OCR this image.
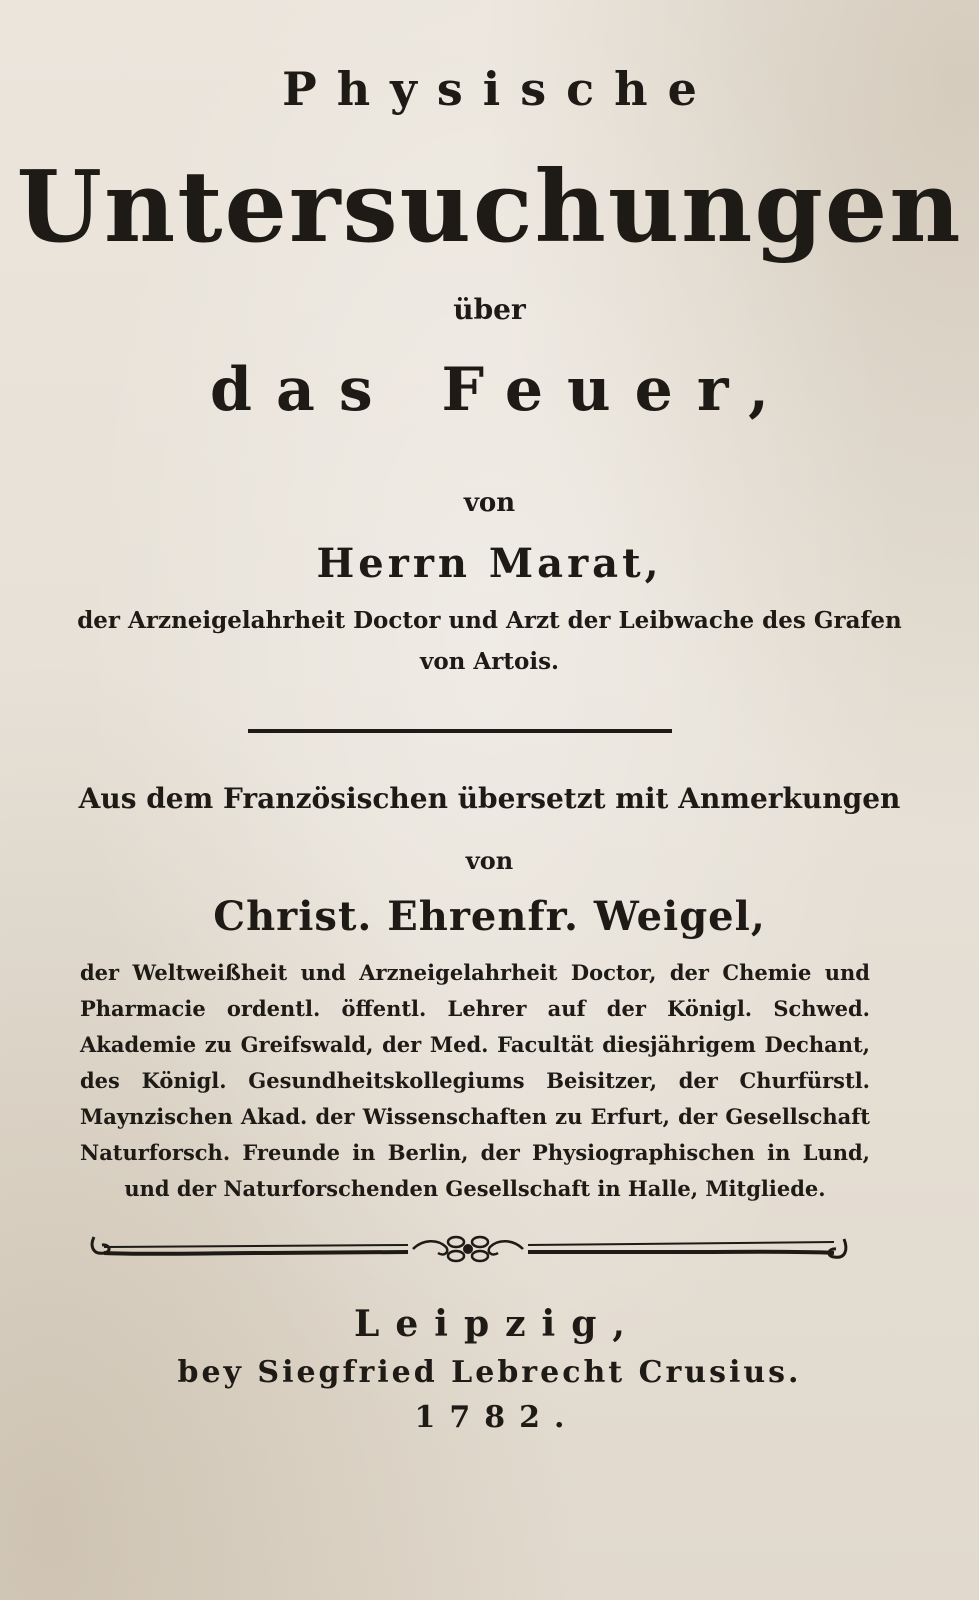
Physische
Untersuchungen
über
das Feuer,
von
Herrn Marat,
der Arzneigelahrheit Doctor und Arzt der Leibwache des Grafen
von Artois.
Aus dem Französischen übersetzt mit Anmerkungen
von
Christ. Ehrenfr. Weigel,
der Weltweißheit und Arzneigelahrheit Doctor, der Chemie und Pharmacie ordentl. öffentl. Lehrer auf der Königl. Schwed. Akademie zu Greifswald, der Med. Facultät diesjährigem Dechant, des Königl. Gesundheitskollegiums Beisitzer, der Churfürstl. Maynzischen Akad. der Wissenschaften zu Erfurt, der Gesellschaft Naturforsch. Freunde in Berlin, der Physiographischen in Lund, und der Naturforschenden Gesellschaft in Halle, Mitgliede.
Leipzig,
bey Siegfried Lebrecht Crusius.
1782.
